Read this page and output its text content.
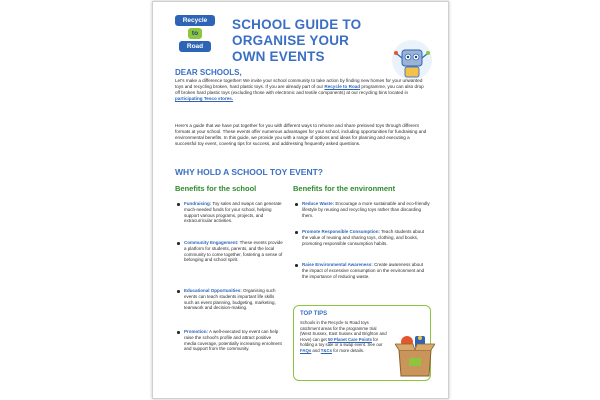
Recycle
to
Road
SCHOOL GUIDE TO ORGANISE YOUR OWN EVENTS
DEAR SCHOOLS,
Let's make a difference together! We invite your school community to take action by finding new homes for your unwanted toys and recycling broken, hard plastic toys. If you are already part of our Recycle to Road programme, you can also drop off broken hard plastic toys (excluding those with electronic and textile components) at our recycling bins located in participating Tesco stores.
Here's a guide that we have put together for you with different ways to rehome and share preloved toys through different formats at your school. These events offer numerous advantages for your school, including opportunities for fundraising and environmental benefits. In this guide, we provide you with a range of options and ideas for planning and executing a successful toy event, covering tips for success, and addressing frequently asked questions.
WHY HOLD A SCHOOL TOY EVENT?
Benefits for the school	Benefits for the environment
Fundraising: Toy sales and swaps can generate much-needed funds for your school, helping support various programs, projects, and extracurricular activities.
Community Engagement: These events provide a platform for students, parents, and the local community to come together, fostering a sense of belonging and school spirit.
Educational Opportunities: Organising such events can teach students important life skills such as event planning, budgeting, marketing, teamwork and decision-making.
Promotion: A well-executed toy event can help raise the school's profile and attract positive media coverage, potentially increasing enrolment and support from the community.
Reduce Waste: Encourage a more sustainable and eco-friendly lifestyle by reusing and recycling toys rather than discarding them.
Promote Responsible Consumption: Teach students about the value of reusing and sharing toys, clothing, and books, promoting responsible consumption habits.
Raise Environmental Awareness: Create awareness about the impact of excessive consumption on the environment and the importance of reducing waste.
TOP TIPS
Schools in the Recycle to Road toys catchment areas for the programme trial (West Sussex, East Sussex and Brighton and Hove) can get 50 Planet Care Points for holding a toy sale or a swap event. See our FAQs and T&Cs for more details.
